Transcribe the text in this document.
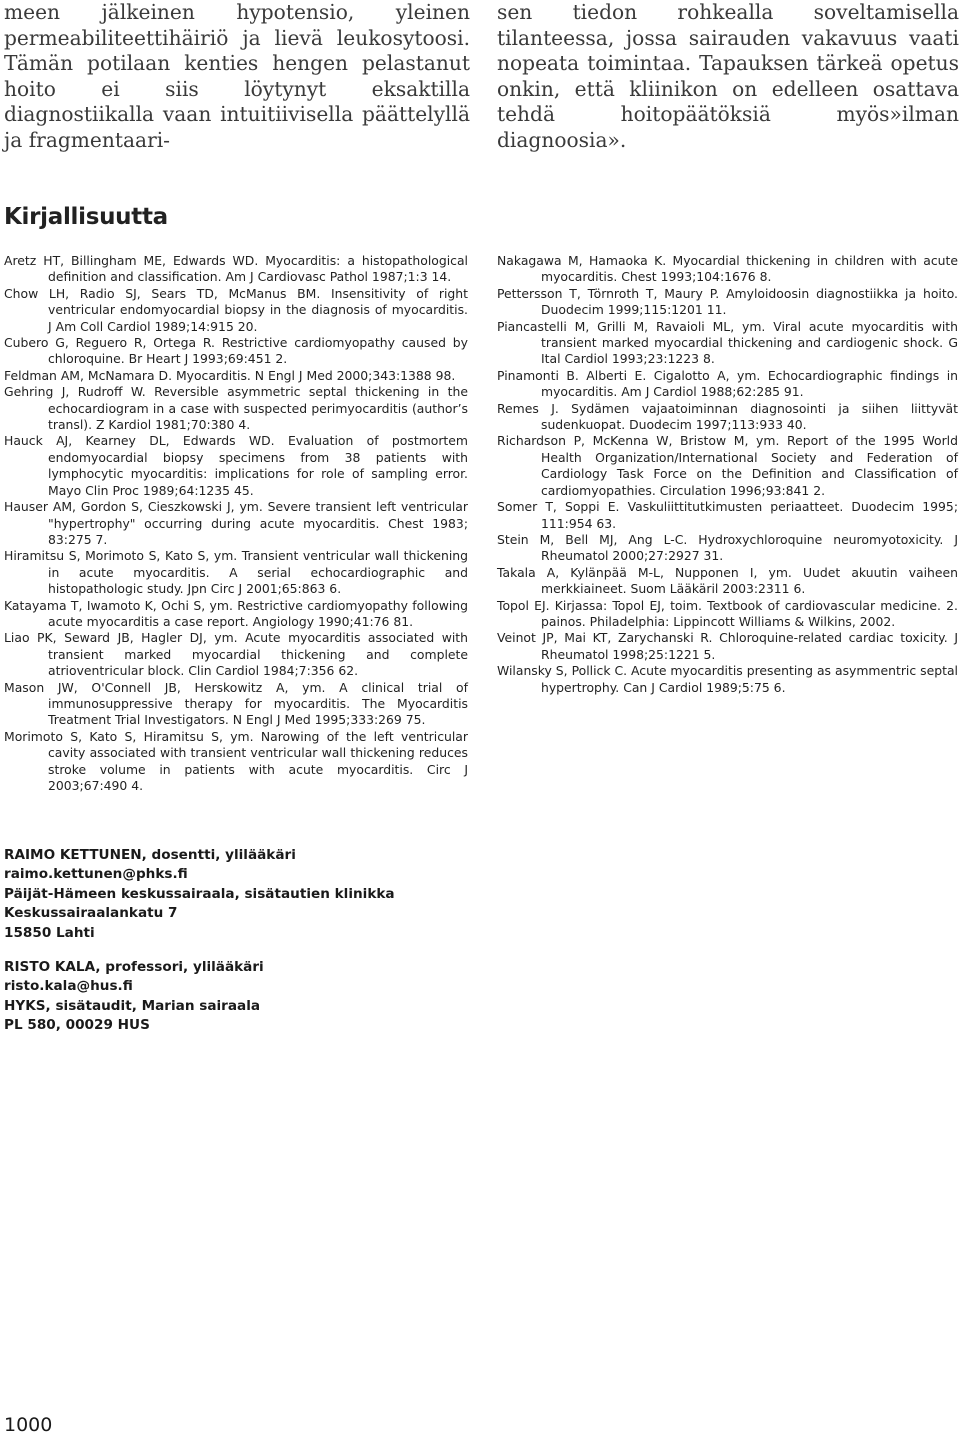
meen jälkeinen hypotensio, yleinen permeabiliteettihäiriö ja lievä leukosytoosi. Tämän potilaan kenties hengen pelastanut hoito ei siis löytynyt eksaktilla diagnostiikalla vaan intuitiivisella päättelyllä ja fragmentaari-

sen tiedon rohkealla soveltamisella tilanteessa, jossa sairauden vakavuus vaati nopeata toimintaa. Tapauksen tärkeä opetus onkin, että kliinikon on edelleen osattava tehdä hoitopäätöksiä myös»ilman diagnoosia».

Kirjallisuutta

Aretz HT, Billingham ME, Edwards WD. Myocarditis: a histopathological definition and classification. Am J Cardiovasc Pathol 1987;1:3 14.

Chow LH, Radio SJ, Sears TD, McManus BM. Insensitivity of right ventricular endomyocardial biopsy in the diagnosis of myocarditis. J Am Coll Cardiol 1989;14:915 20.

Cubero G, Reguero R, Ortega R. Restrictive cardiomyopathy caused by chloroquine. Br Heart J 1993;69:451 2.

Feldman AM, McNamara D. Myocarditis. N Engl J Med 2000;343:1388 98.

Gehring J, Rudroff W. Reversible asymmetric septal thickening in the echocardiogram in a case with suspected perimyocarditis (author’s transl). Z Kardiol 1981;70:380 4.

Hauck AJ, Kearney DL, Edwards WD. Evaluation of postmortem endomyocardial biopsy specimens from 38 patients with lymphocytic myocarditis: implications for role of sampling error. Mayo Clin Proc 1989;64:1235 45.

Hauser AM, Gordon S, Cieszkowski J, ym. Severe transient left ventricular "hypertrophy" occurring during acute myocarditis. Chest 1983; 83:275 7.

Hiramitsu S, Morimoto S, Kato S, ym. Transient ventricular wall thickening in acute myocarditis. A serial echocardiographic and histopathologic study. Jpn Circ J 2001;65:863 6.

Katayama T, Iwamoto K, Ochi S, ym. Restrictive cardiomyopathy following acute myocarditis a case report. Angiology 1990;41:76 81.

Liao PK, Seward JB, Hagler DJ, ym. Acute myocarditis associated with transient marked myocardial thickening and complete atrioventricular block. Clin Cardiol 1984;7:356 62.

Mason JW, O'Connell JB, Herskowitz A, ym. A clinical trial of immunosuppressive therapy for myocarditis. The Myocarditis Treatment Trial Investigators. N Engl J Med 1995;333:269 75.

Morimoto S, Kato S, Hiramitsu S, ym. Narowing of the left ventricular cavity associated with transient ventricular wall thickening reduces stroke volume in patients with acute myocarditis. Circ J 2003;67:490 4.

Nakagawa M, Hamaoka K. Myocardial thickening in children with acute myocarditis. Chest 1993;104:1676 8.

Pettersson T, Törnroth T, Maury P. Amyloidoosin diagnostiikka ja hoito. Duodecim 1999;115:1201 11.

Piancastelli M, Grilli M, Ravaioli ML, ym. Viral acute myocarditis with transient marked myocardial thickening and cardiogenic shock. G Ital Cardiol 1993;23:1223 8.

Pinamonti B. Alberti E. Cigalotto A, ym. Echocardiographic findings in myocarditis. Am J Cardiol 1988;62:285 91.

Remes J. Sydämen vajaatoiminnan diagnosointi ja siihen liittyvät sudenkuopat. Duodecim 1997;113:933 40.

Richardson P, McKenna W, Bristow M, ym. Report of the 1995 World Health Organization/International Society and Federation of Cardiology Task Force on the Definition and Classification of cardiomyopathies. Circulation 1996;93:841 2.

Somer T, Soppi E. Vaskuliittitutkimusten periaatteet. Duodecim 1995; 111:954 63.

Stein M, Bell MJ, Ang L-C. Hydroxychloroquine neuromyotoxicity. J Rheumatol 2000;27:2927 31.

Takala A, Kylänpää M-L, Nupponen I, ym. Uudet akuutin vaiheen merkkiaineet. Suom Lääkäril 2003:2311 6.

Topol EJ. Kirjassa: Topol EJ, toim. Textbook of cardiovascular medicine. 2. painos. Philadelphia: Lippincott Williams & Wilkins, 2002.

Veinot JP, Mai KT, Zarychanski R. Chloroquine-related cardiac toxicity. J Rheumatol 1998;25:1221 5.

Wilansky S, Pollick C. Acute myocarditis presenting as asymmentric septal hypertrophy. Can J Cardiol 1989;5:75 6.

RAIMO KETTUNEN, dosentti, ylilääkäri
raimo.kettunen@phks.fi
Päijät-Hämeen keskussairaala, sisätautien klinikka
Keskussairaalankatu 7
15850 Lahti
RISTO KALA, professori, ylilääkäri
risto.kala@hus.fi
HYKS, sisätaudit, Marian sairaala
PL 580, 00029 HUS

1000
